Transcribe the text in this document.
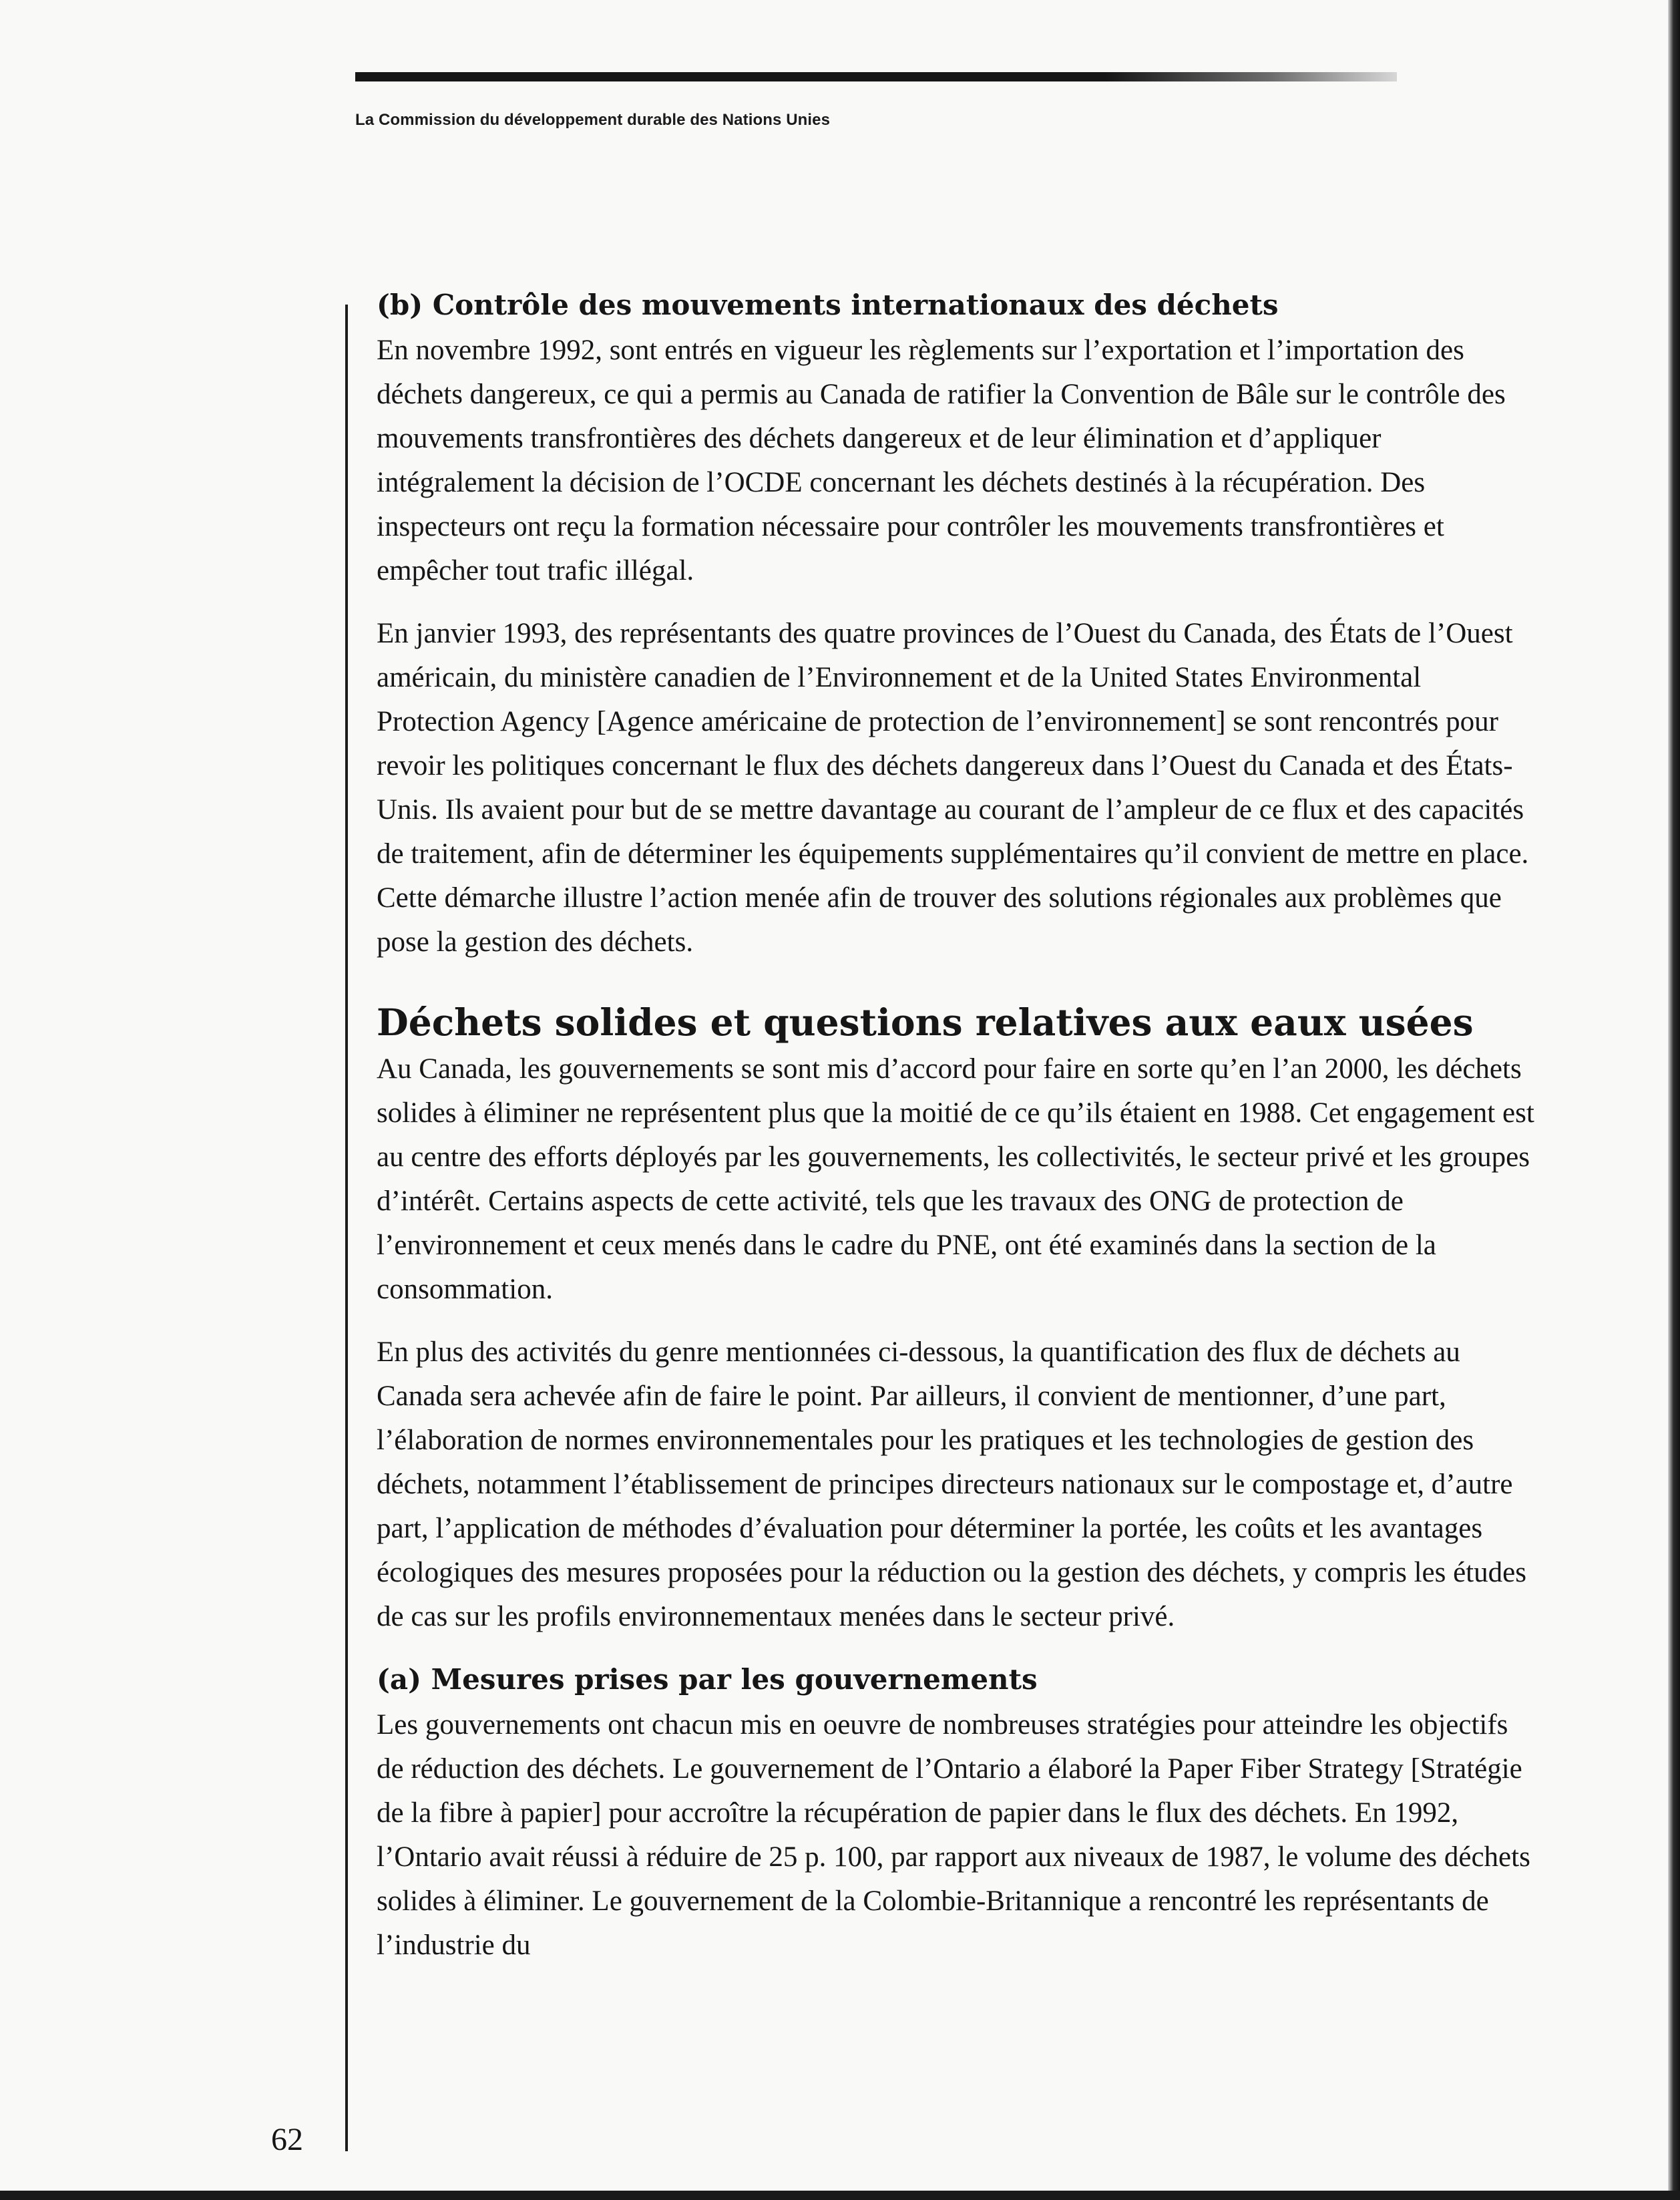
La Commission du développement durable des Nations Unies
(b) Contrôle des mouvements internationaux des déchets

En novembre 1992, sont entrés en vigueur les règlements sur l’exportation et l’importation des déchets dangereux, ce qui a permis au Canada de ratifier la Convention de Bâle sur le contrôle des mouvements transfrontières des déchets dangereux et de leur élimination et d’appliquer intégralement la décision de l’OCDE concernant les déchets destinés à la récupération. Des inspecteurs ont reçu la formation nécessaire pour contrôler les mouvements transfrontières et empêcher tout trafic illégal.

En janvier 1993, des représentants des quatre provinces de l’Ouest du Canada, des États de l’Ouest américain, du ministère canadien de l’Environnement et de la United States Environmental Protection Agency [Agence américaine de protection de l’environnement] se sont rencontrés pour revoir les politiques concernant le flux des déchets dangereux dans l’Ouest du Canada et des États-Unis. Ils avaient pour but de se mettre davantage au courant de l’ampleur de ce flux et des capacités de traitement, afin de déterminer les équipements supplémentaires qu’il convient de mettre en place. Cette démarche illustre l’action menée afin de trouver des solutions régionales aux problèmes que pose la gestion des déchets.

Déchets solides et questions relatives aux eaux usées

Au Canada, les gouvernements se sont mis d’accord pour faire en sorte qu’en l’an 2000, les déchets solides à éliminer ne représentent plus que la moitié de ce qu’ils étaient en 1988. Cet engagement est au centre des efforts déployés par les gouvernements, les collectivités, le secteur privé et les groupes d’intérêt. Certains aspects de cette activité, tels que les travaux des ONG de protection de l’environnement et ceux menés dans le cadre du PNE, ont été examinés dans la section de la consommation.

En plus des activités du genre mentionnées ci-dessous, la quantification des flux de déchets au Canada sera achevée afin de faire le point. Par ailleurs, il convient de mentionner, d’une part, l’élaboration de normes environnementales pour les pratiques et les technologies de gestion des déchets, notamment l’établissement de principes directeurs nationaux sur le compostage et, d’autre part, l’application de méthodes d’évaluation pour déterminer la portée, les coûts et les avantages écologiques des mesures proposées pour la réduction ou la gestion des déchets, y compris les études de cas sur les profils environnementaux menées dans le secteur privé.

(a) Mesures prises par les gouvernements

Les gouvernements ont chacun mis en oeuvre de nombreuses stratégies pour atteindre les objectifs de réduction des déchets. Le gouvernement de l’Ontario a élaboré la Paper Fiber Strategy [Stratégie de la fibre à papier] pour accroître la récupération de papier dans le flux des déchets. En 1992, l’Ontario avait réussi à réduire de 25 p. 100, par rapport aux niveaux de 1987, le volume des déchets solides à éliminer. Le gouvernement de la Colombie-Britannique a rencontré les représentants de l’industrie du

62
